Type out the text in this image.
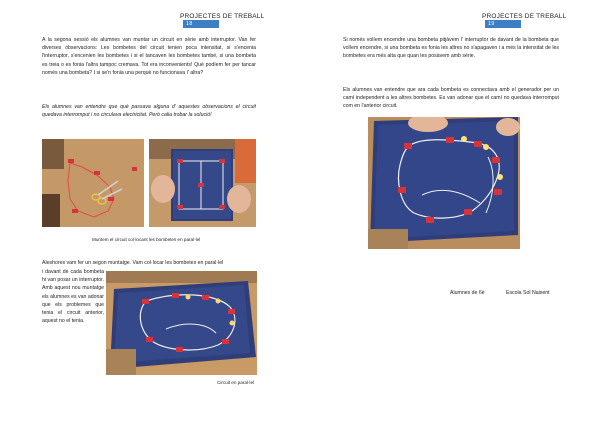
PROJECTES DE TREBALL18
A la segona sessió els alumnes van muntar un circuit en sèrie amb interruptor. Van fer diverses observacions: Les bombetes del circuit tenien poca intensitat, si s'encenia l'interruptor, s'encenien les bombetes i si el tancaven les bombetes també, si una bombeta es treia o es fonia l'altra tampoc cremava. Tot era inconvenients! Què podíem fer per tancar només una bombeta? I si se'n fonia una perquè no funcionava l' altra?
Els alumnes van entendre que què passava alguna d' aquestes observacions el circuit quedava interromput i no circulava electricitat. Però calia trobar la solució!
Muntem el circuit col·locant les bombetes en paral·lel
Aleshores vam fer un segon muntatge. Vam col·locar les bombetes en paral·lel
i davant de cada bombeta hi van posar un interruptor. Amb aquest nou muntatge els alumnes es van adonar que els problemes que tenia el circuit anterior, aquest no el tenia.
Circuit en paral·lel
PROJECTES DE TREBALL19
Si només volíem encendre una bombeta pitjàvem l' interruptor de davant de la bombeta que volíem encendre, si una bombeta es fonia les altres no s'apagaven i a més la intensitat de les bombetes era més alta que quan les posàvem amb sèrie.
Els alumnes van entendre que ara cada bombeta es connectava amb el generador per un camí independent a les altres bombetes. Es van adonar que el camí no quedava interromput com en l'anterior circuit.
Alumnes de 6è	Escola Sol Naixent
